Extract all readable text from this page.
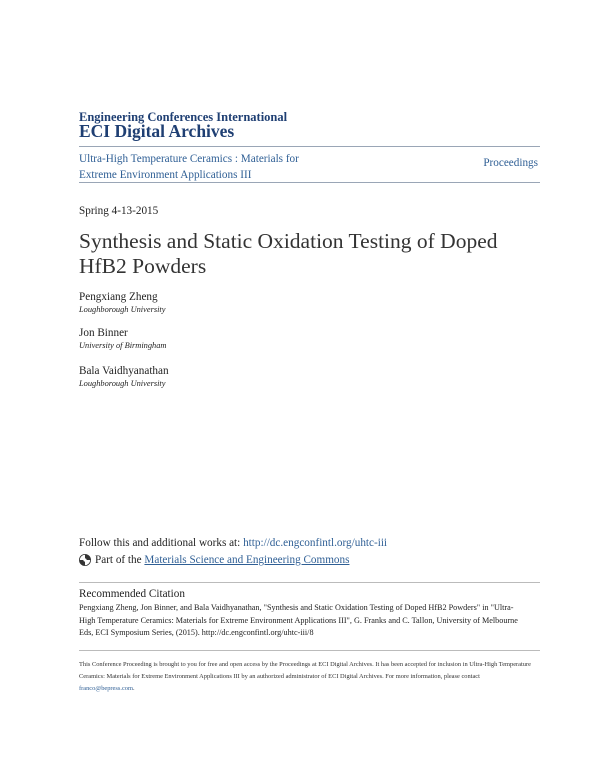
Engineering Conferences International
ECI Digital Archives
Ultra-High Temperature Ceramics : Materials for Extreme Environment Applications III
Proceedings
Spring 4-13-2015
Synthesis and Static Oxidation Testing of Doped HfB2 Powders
Pengxiang Zheng
Loughborough University
Jon Binner
University of Birmingham
Bala Vaidhyanathan
Loughborough University
Follow this and additional works at: http://dc.engconfintl.org/uhtc-iii
Part of the Materials Science and Engineering Commons
Recommended Citation
Pengxiang Zheng, Jon Binner, and Bala Vaidhyanathan, "Synthesis and Static Oxidation Testing of Doped HfB2 Powders" in "Ultra-High Temperature Ceramics: Materials for Extreme Environment Applications III", G. Franks and C. Tallon, University of Melbourne Eds, ECI Symposium Series, (2015). http://dc.engconfintl.org/uhtc-iii/8
This Conference Proceeding is brought to you for free and open access by the Proceedings at ECI Digital Archives. It has been accepted for inclusion in Ultra-High Temperature Ceramics: Materials for Extreme Environment Applications III by an authorized administrator of ECI Digital Archives. For more information, please contact franco@bepress.com.
